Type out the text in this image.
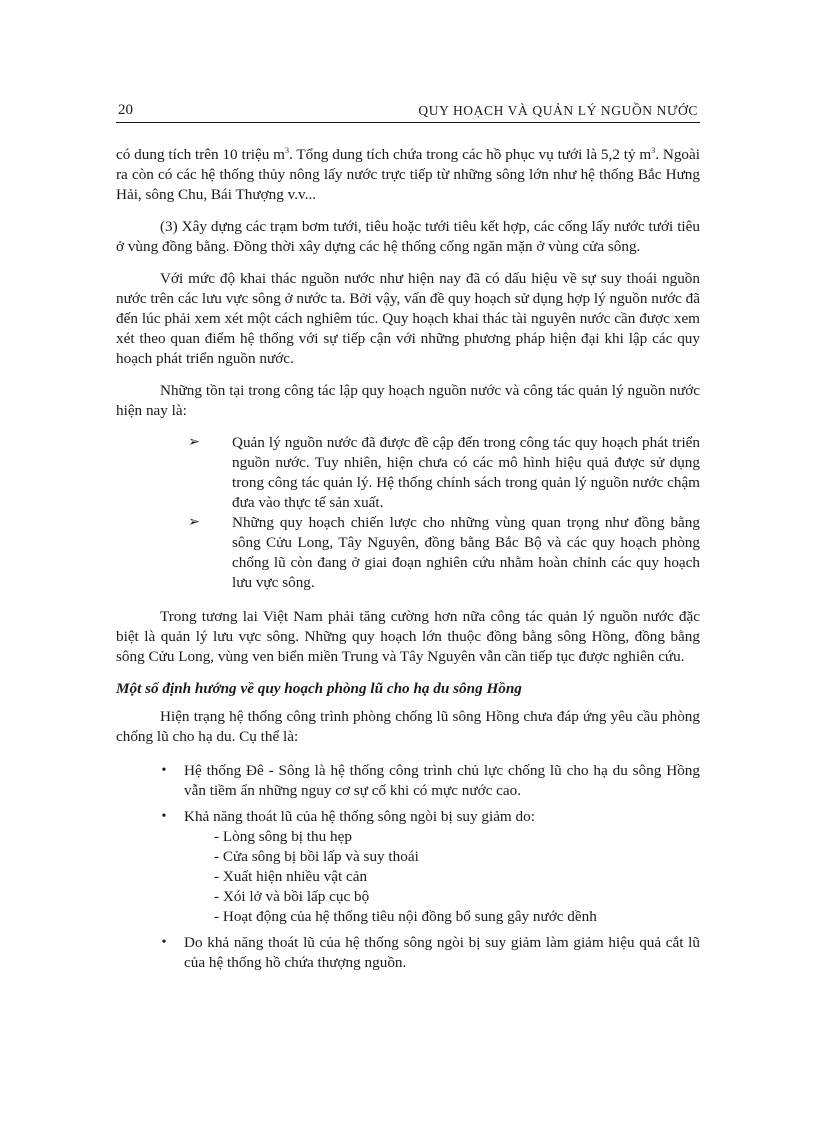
20	QUY HOẠCH VÀ QUẢN LÝ NGUỒN NƯỚC

có dung tích trên 10 triệu $m^3$. Tổng dung tích chứa trong các hồ phục vụ tưới là 5,2 tỷ $m^3$. Ngoài ra còn có các hệ thống thủy nông lấy nước trực tiếp từ những sông lớn như hệ thống Bắc Hưng Hải, sông Chu, Bái Thượng v.v...

(3) Xây dựng các trạm bơm tưới, tiêu hoặc tưới tiêu kết hợp, các cống lấy nước tưới tiêu ở vùng đồng bằng. Đồng thời xây dựng các hệ thống cống ngăn mặn ở vùng cửa sông.

Với mức độ khai thác nguồn nước như hiện nay đã có dấu hiệu về sự suy thoái nguồn nước trên các lưu vực sông ở nước ta. Bởi vậy, vấn đề quy hoạch sử dụng hợp lý nguồn nước đã đến lúc phải xem xét một cách nghiêm túc. Quy hoạch khai thác tài nguyên nước cần được xem xét theo quan điểm hệ thống với sự tiếp cận với những phương pháp hiện đại khi lập các quy hoạch phát triển nguồn nước.

Những tồn tại trong công tác lập quy hoạch nguồn nước và công tác quản lý nguồn nước hiện nay là:

➢	Quản lý nguồn nước đã được đề cập đến trong công tác quy hoạch phát triển nguồn nước. Tuy nhiên, hiện chưa có các mô hình hiệu quả được sử dụng trong công tác quản lý. Hệ thống chính sách trong quản lý nguồn nước chậm đưa vào thực tế sản xuất.
➢	Những quy hoạch chiến lược cho những vùng quan trọng như đồng bằng sông Cửu Long, Tây Nguyên, đồng bằng Bắc Bộ và các quy hoạch phòng chống lũ còn đang ở giai đoạn nghiên cứu nhằm hoàn chỉnh các quy hoạch lưu vực sông.

Trong tương lai Việt Nam phải tăng cường hơn nữa công tác quản lý nguồn nước đặc biệt là quản lý lưu vực sông. Những quy hoạch lớn thuộc đồng bằng sông Hồng, đồng bằng sông Cửu Long, vùng ven biển miền Trung và Tây Nguyên vẫn cần tiếp tục được nghiên cứu.

Một số định hướng về quy hoạch phòng lũ cho hạ du sông Hồng

Hiện trạng hệ thống công trình phòng chống lũ sông Hồng chưa đáp ứng yêu cầu phòng chống lũ cho hạ du. Cụ thể là:

• Hệ thống Đê - Sông là hệ thống công trình chủ lực chống lũ cho hạ du sông Hồng vẫn tiềm ẩn những nguy cơ sự cố khi có mực nước cao.
• Khả năng thoát lũ của hệ thống sông ngòi bị suy giảm do:
- Lòng sông bị thu hẹp
- Cửa sông bị bồi lấp và suy thoái
- Xuất hiện nhiều vật cản
- Xói lở và bồi lấp cục bộ
- Hoạt động của hệ thống tiêu nội đồng bổ sung gây nước dềnh
• Do khả năng thoát lũ của hệ thống sông ngòi bị suy giảm làm giảm hiệu quả cắt lũ của hệ thống hồ chứa thượng nguồn.
